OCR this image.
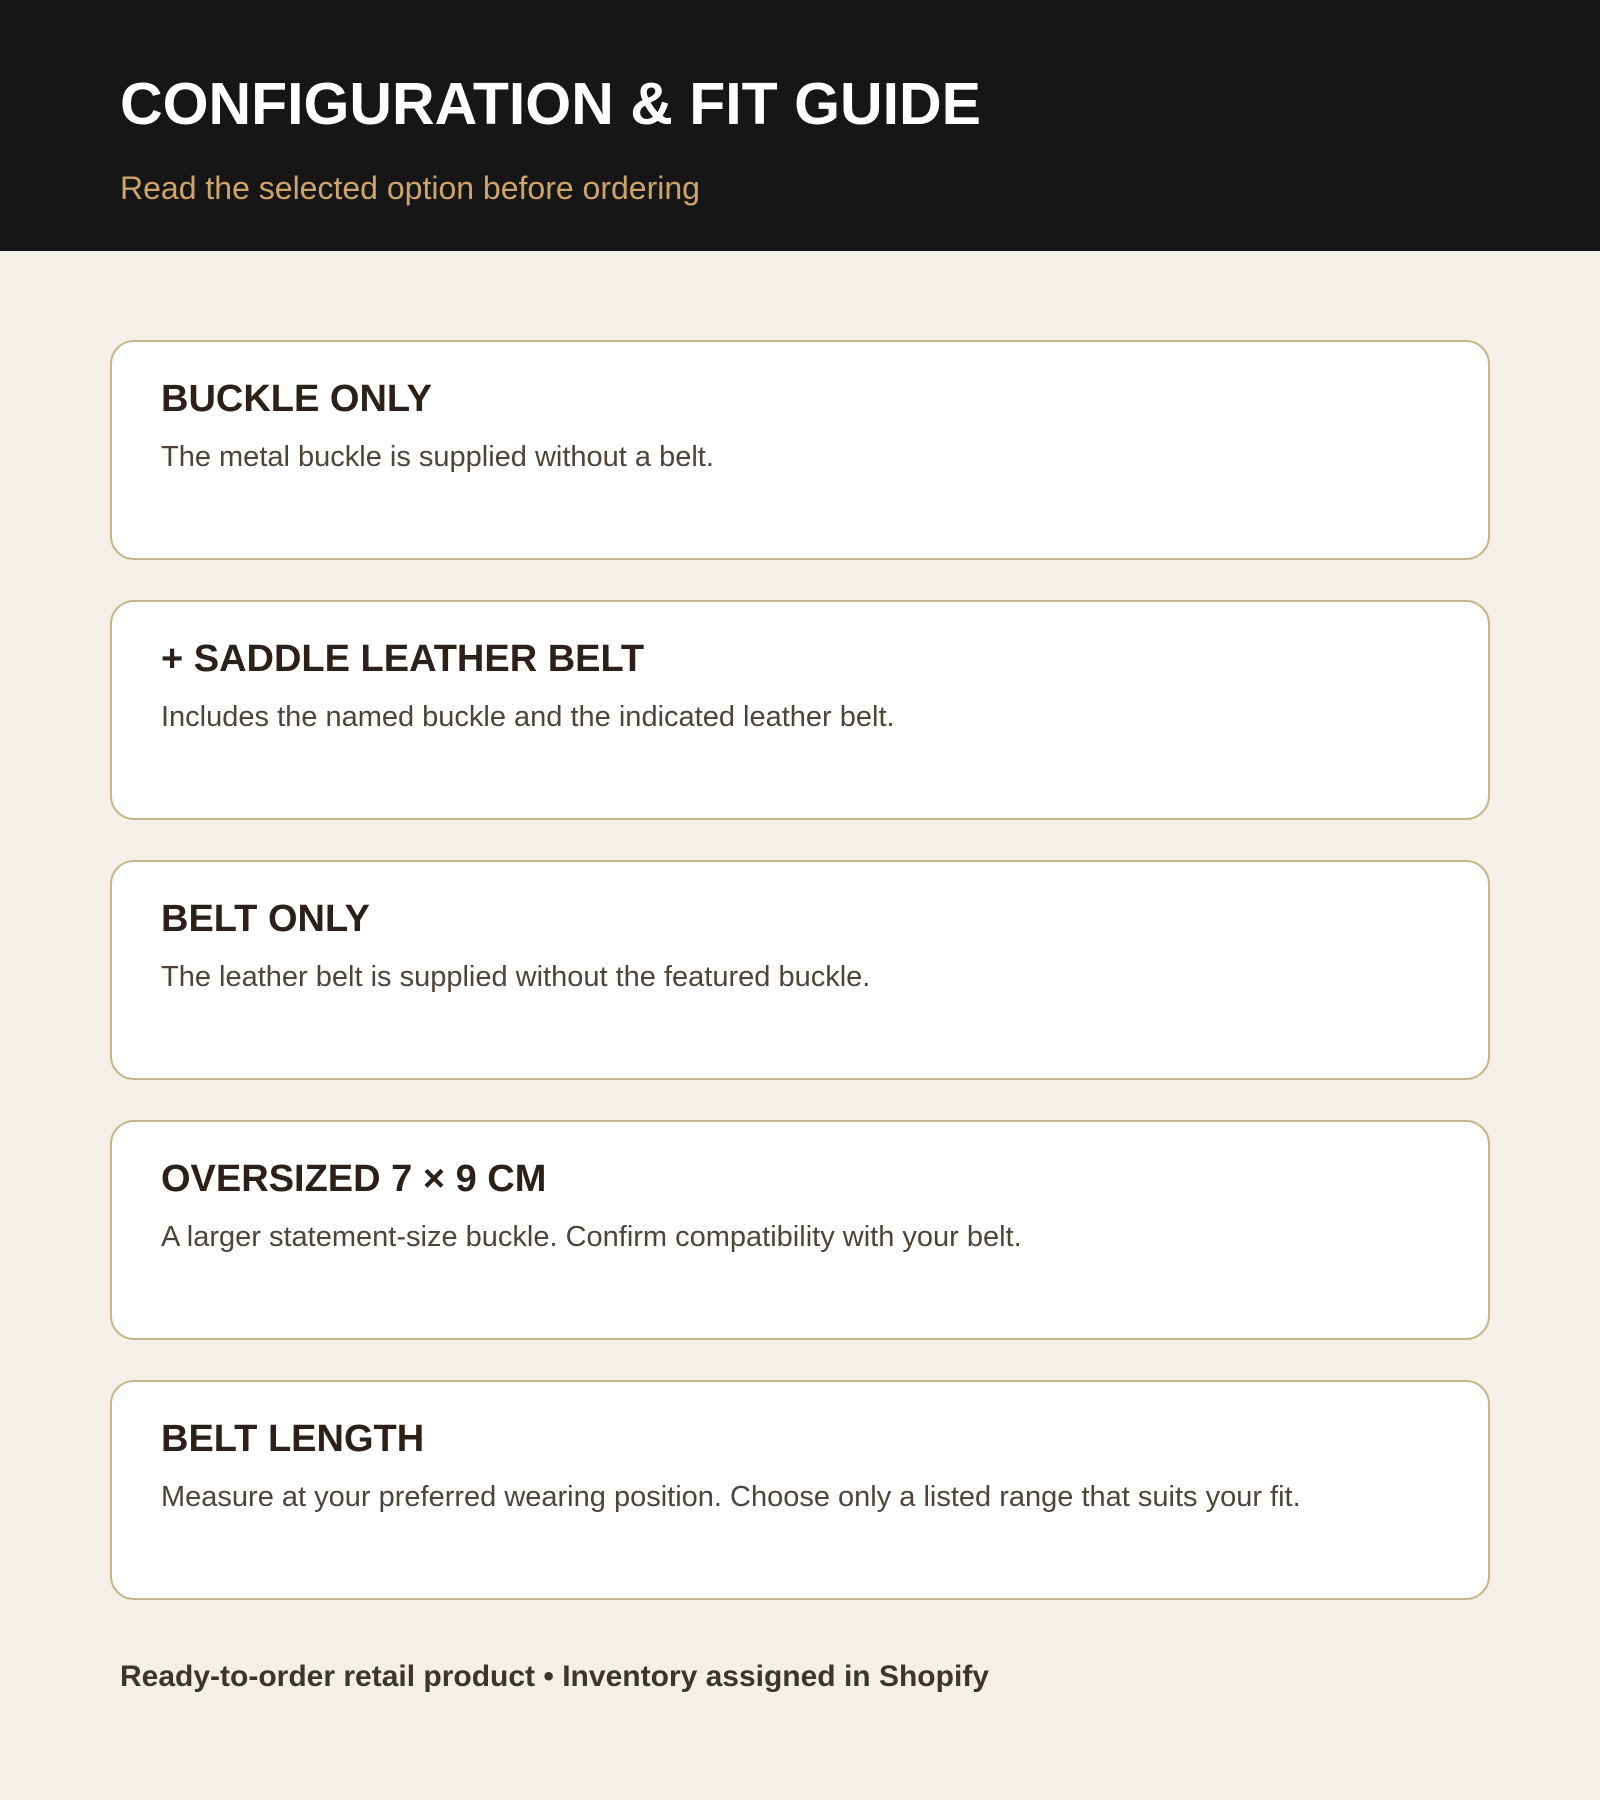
CONFIGURATION & FIT GUIDE
Read the selected option before ordering
BUCKLE ONLY
The metal buckle is supplied without a belt.
+ SADDLE LEATHER BELT
Includes the named buckle and the indicated leather belt.
BELT ONLY
The leather belt is supplied without the featured buckle.
OVERSIZED 7 × 9 CM
A larger statement-size buckle. Confirm compatibility with your belt.
BELT LENGTH
Measure at your preferred wearing position. Choose only a listed range that suits your fit.
Ready-to-order retail product • Inventory assigned in Shopify
